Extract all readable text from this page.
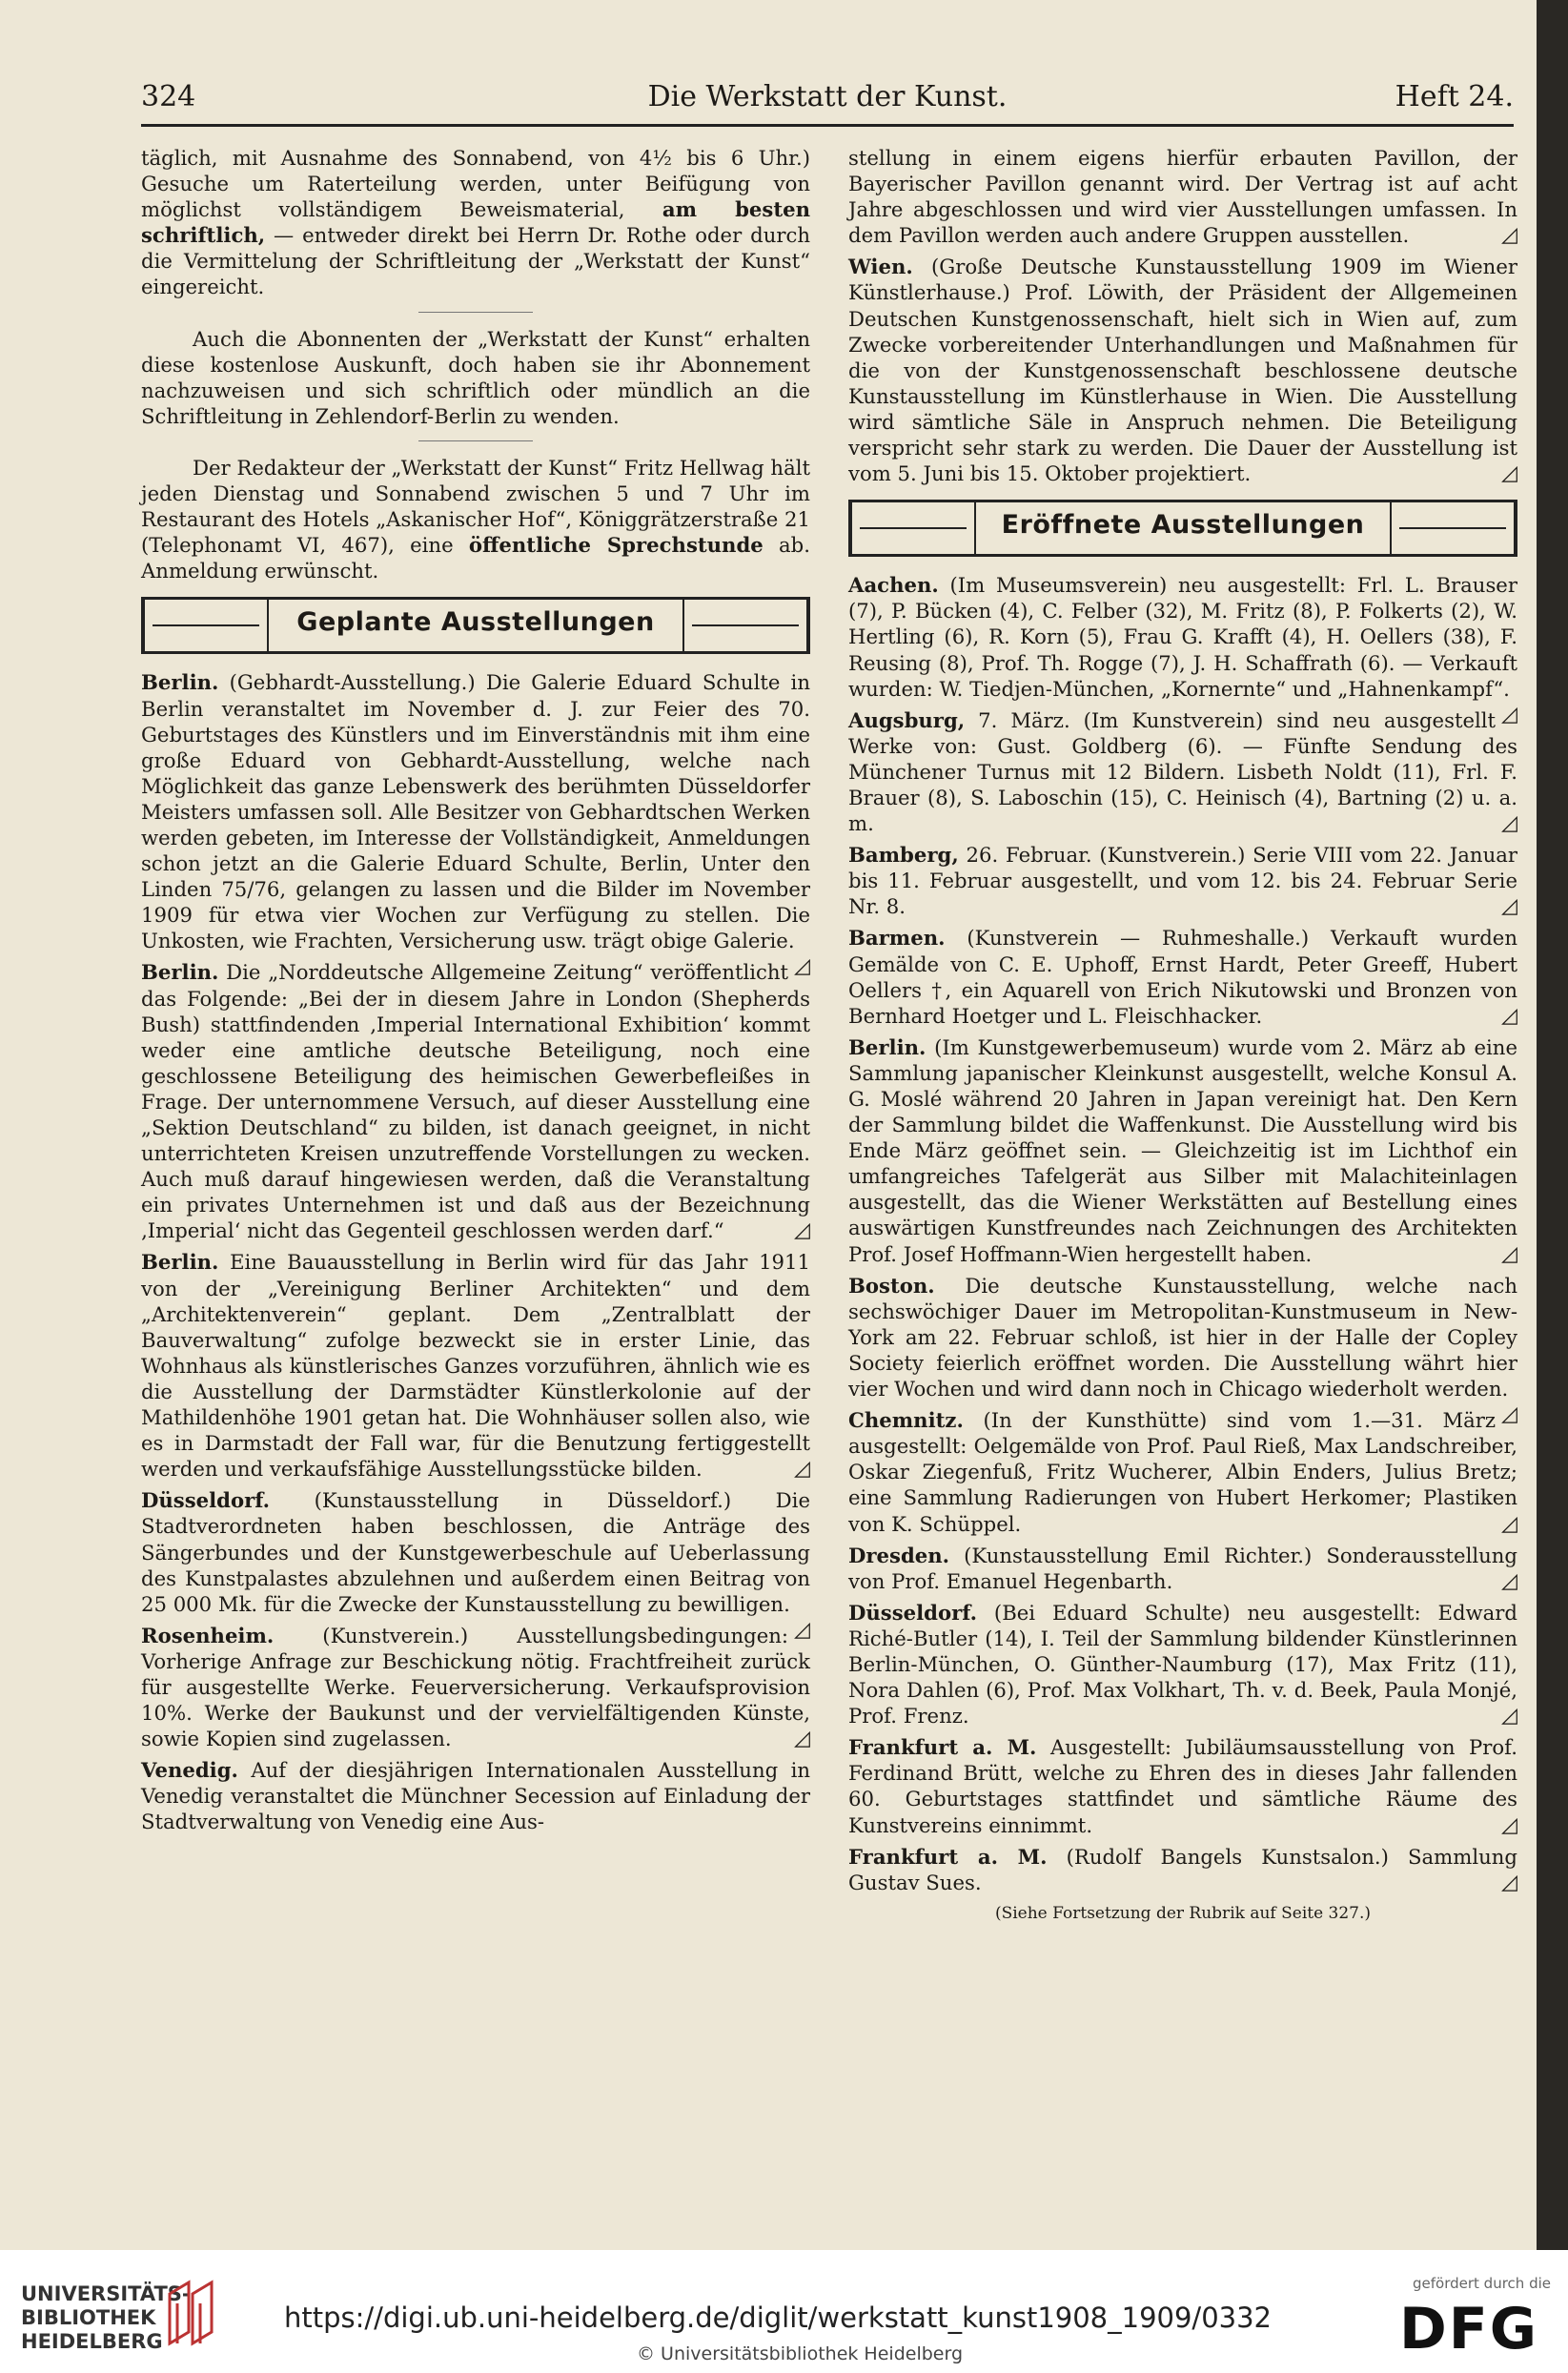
324	Die Werkstatt der Kunst.	Heft 24.

täglich, mit Ausnahme des Sonnabend, von 4½ bis 6 Uhr.) Gesuche um Raterteilung werden, unter Beifügung von möglichst vollständigem Beweismaterial, am besten schriftlich, — entweder direkt bei Herrn Dr. Rothe oder durch die Vermittelung der Schriftleitung der „Werkstatt der Kunst“ eingereicht.

Auch die Abonnenten der „Werkstatt der Kunst“ erhalten diese kostenlose Auskunft, doch haben sie ihr Abonnement nachzuweisen und sich schriftlich oder mündlich an die Schriftleitung in Zehlendorf-Berlin zu wenden.

Der Redakteur der „Werkstatt der Kunst“ Fritz Hellwag hält jeden Dienstag und Sonnabend zwischen 5 und 7 Uhr im Restaurant des Hotels „Askanischer Hof“, Königgrätzerstraße 21 (Telephonamt VI, 467), eine öffentliche Sprechstunde ab. Anmeldung erwünscht.

Geplante Ausstellungen

Berlin. (Gebhardt-Ausstellung.) Die Galerie Eduard Schulte in Berlin veranstaltet im November d. J. zur Feier des 70. Geburtstages des Künstlers und im Einverständnis mit ihm eine große Eduard von Gebhardt-Ausstellung, welche nach Möglichkeit das ganze Lebenswerk des berühmten Düsseldorfer Meisters umfassen soll. Alle Besitzer von Gebhardtschen Werken werden gebeten, im Interesse der Vollständigkeit, Anmeldungen schon jetzt an die Galerie Eduard Schulte, Berlin, Unter den Linden 75/76, gelangen zu lassen und die Bilder im November 1909 für etwa vier Wochen zur Verfügung zu stellen. Die Unkosten, wie Frachten, Versicherung usw. trägt obige Galerie.
◿

Berlin. Die „Norddeutsche Allgemeine Zeitung“ veröffentlicht das Folgende: „Bei der in diesem Jahre in London (Shepherds Bush) stattfindenden ‚Imperial International Exhibition‘ kommt weder eine amtliche deutsche Beteiligung, noch eine geschlossene Beteiligung des heimischen Gewerbefleißes in Frage. Der unternommene Versuch, auf dieser Ausstellung eine „Sektion Deutschland“ zu bilden, ist danach geeignet, in nicht unterrichteten Kreisen unzutreffende Vorstellungen zu wecken. Auch muß darauf hingewiesen werden, daß die Veranstaltung ein privates Unternehmen ist und daß aus der Bezeichnung ‚Imperial‘ nicht das Gegenteil geschlossen werden darf.“	◿

Berlin. Eine Bauausstellung in Berlin wird für das Jahr 1911 von der „Vereinigung Berliner Architekten“ und dem „Architektenverein“ geplant. Dem „Zentralblatt der Bauverwaltung“ zufolge bezweckt sie in erster Linie, das Wohnhaus als künstlerisches Ganzes vorzuführen, ähnlich wie es die Ausstellung der Darmstädter Künstlerkolonie auf der Mathildenhöhe 1901 getan hat. Die Wohnhäuser sollen also, wie es in Darmstadt der Fall war, für die Benutzung fertiggestellt werden und verkaufsfähige Ausstellungsstücke bilden.	◿

Düsseldorf. (Kunstausstellung in Düsseldorf.) Die Stadtverordneten haben beschlossen, die Anträge des Sängerbundes und der Kunstgewerbeschule auf Ueberlassung des Kunstpalastes abzulehnen und außerdem einen Beitrag von 25 000 Mk. für die Zwecke der Kunstausstellung zu bewilligen.
◿

Rosenheim. (Kunstverein.) Ausstellungsbedingungen: Vorherige Anfrage zur Beschickung nötig. Frachtfreiheit zurück für ausgestellte Werke. Feuerversicherung. Verkaufsprovision 10%. Werke der Baukunst und der vervielfältigenden Künste, sowie Kopien sind zugelassen.	◿

Venedig. Auf der diesjährigen Internationalen Ausstellung in Venedig veranstaltet die Münchner Secession auf Einladung der Stadtverwaltung von Venedig eine Aus-

stellung in einem eigens hierfür erbauten Pavillon, der Bayerischer Pavillon genannt wird. Der Vertrag ist auf acht Jahre abgeschlossen und wird vier Ausstellungen umfassen. In dem Pavillon werden auch andere Gruppen ausstellen.	◿

Wien. (Große Deutsche Kunstausstellung 1909 im Wiener Künstlerhause.) Prof. Löwith, der Präsident der Allgemeinen Deutschen Kunstgenossenschaft, hielt sich in Wien auf, zum Zwecke vorbereitender Unterhandlungen und Maßnahmen für die von der Kunstgenossenschaft beschlossene deutsche Kunstausstellung im Künstlerhause in Wien. Die Ausstellung wird sämtliche Säle in Anspruch nehmen. Die Beteiligung verspricht sehr stark zu werden. Die Dauer der Ausstellung ist vom 5. Juni bis 15. Oktober projektiert.	◿

Eröffnete Ausstellungen

Aachen. (Im Museumsverein) neu ausgestellt: Frl. L. Brauser (7), P. Bücken (4), C. Felber (32), M. Fritz (8), P. Folkerts (2), W. Hertling (6), R. Korn (5), Frau G. Krafft (4), H. Oellers (38), F. Reusing (8), Prof. Th. Rogge (7), J. H. Schaffrath (6). — Verkauft wurden: W. Tiedjen-München, „Kornernte“ und „Hahnenkampf“.
◿

Augsburg, 7. März. (Im Kunstverein) sind neu ausgestellt Werke von: Gust. Goldberg (6). — Fünfte Sendung des Münchener Turnus mit 12 Bildern. Lisbeth Noldt (11), Frl. F. Brauer (8), S. Laboschin (15), C. Heinisch (4), Bartning (2) u. a. m.	◿

Bamberg, 26. Februar. (Kunstverein.) Serie VIII vom 22. Januar bis 11. Februar ausgestellt, und vom 12. bis 24. Februar Serie Nr. 8.	◿

Barmen. (Kunstverein — Ruhmeshalle.) Verkauft wurden Gemälde von C. E. Uphoff, Ernst Hardt, Peter Greeff, Hubert Oellers †, ein Aquarell von Erich Nikutowski und Bronzen von Bernhard Hoetger und L. Fleischhacker.	◿

Berlin. (Im Kunstgewerbemuseum) wurde vom 2. März ab eine Sammlung japanischer Kleinkunst ausgestellt, welche Konsul A. G. Moslé während 20 Jahren in Japan vereinigt hat. Den Kern der Sammlung bildet die Waffenkunst. Die Ausstellung wird bis Ende März geöffnet sein. — Gleichzeitig ist im Lichthof ein umfangreiches Tafelgerät aus Silber mit Malachiteinlagen ausgestellt, das die Wiener Werkstätten auf Bestellung eines auswärtigen Kunstfreundes nach Zeichnungen des Architekten Prof. Josef Hoffmann-Wien hergestellt haben.	◿

Boston. Die deutsche Kunstausstellung, welche nach sechswöchiger Dauer im Metropolitan-Kunstmuseum in New-York am 22. Februar schloß, ist hier in der Halle der Copley Society feierlich eröffnet worden. Die Ausstellung währt hier vier Wochen und wird dann noch in Chicago wiederholt werden.
◿

Chemnitz. (In der Kunsthütte) sind vom 1.—31. März ausgestellt: Oelgemälde von Prof. Paul Rieß, Max Landschreiber, Oskar Ziegenfuß, Fritz Wucherer, Albin Enders, Julius Bretz; eine Sammlung Radierungen von Hubert Herkomer; Plastiken von K. Schüppel.	◿

Dresden. (Kunstausstellung Emil Richter.) Sonderausstellung von Prof. Emanuel Hegenbarth.	◿

Düsseldorf. (Bei Eduard Schulte) neu ausgestellt: Edward Riché-Butler (14), I. Teil der Sammlung bildender Künstlerinnen Berlin-München, O. Günther-Naumburg (17), Max Fritz (11), Nora Dahlen (6), Prof. Max Volkhart, Th. v. d. Beek, Paula Monjé, Prof. Frenz.	◿

Frankfurt a. M. Ausgestellt: Jubiläumsausstellung von Prof. Ferdinand Brütt, welche zu Ehren des in dieses Jahr fallenden 60. Geburtstages stattfindet und sämtliche Räume des Kunstvereins einnimmt.	◿

Frankfurt a. M. (Rudolf Bangels Kunstsalon.) Sammlung Gustav Sues.	◿

(Siehe Fortsetzung der Rubrik auf Seite 327.)
UNIVERSITÄTS-
BIBLIOTHEK
HEIDELBERG
https://digi.ub.uni-heidelberg.de/diglit/werkstatt_kunst1908_1909/0332
© Universitätsbibliothek Heidelberg
gefördert durch die
DFG
